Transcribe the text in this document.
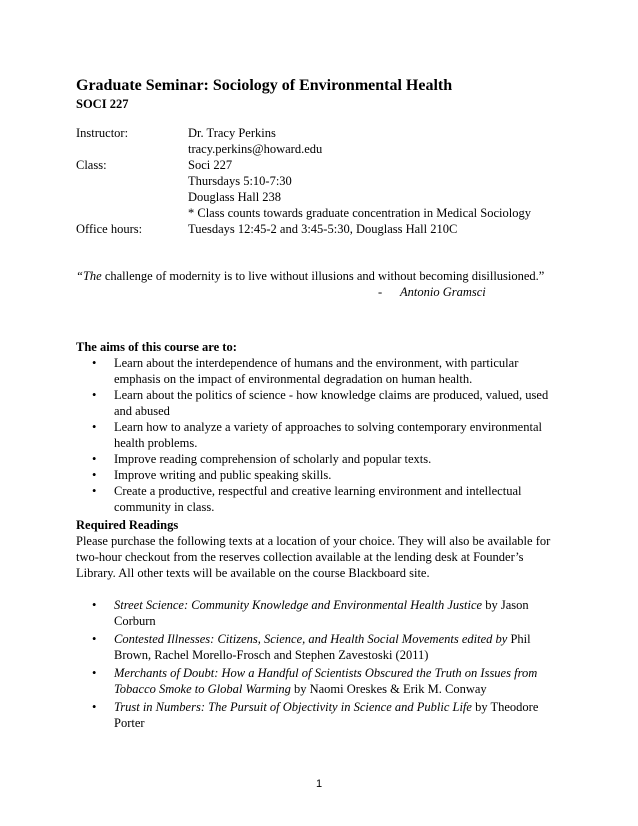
Graduate Seminar: Sociology of Environmental Health
SOCI 227
Instructor:	Dr. Tracy Perkins
tracy.perkins@howard.edu
Class:	Soci 227
Thursdays 5:10-7:30
Douglass Hall 238
* Class counts towards graduate concentration in Medical Sociology
Office hours:	Tuesdays 12:45-2 and 3:45-5:30, Douglass Hall 210C
“The challenge of modernity is to live without illusions and without becoming disillusioned.”
- Antonio Gramsci
The aims of this course are to:
• Learn about the interdependence of humans and the environment, with particular emphasis on the impact of environmental degradation on human health.
• Learn about the politics of science - how knowledge claims are produced, valued, used and abused
• Learn how to analyze a variety of approaches to solving contemporary environmental health problems.
• Improve reading comprehension of scholarly and popular texts.
• Improve writing and public speaking skills.
• Create a productive, respectful and creative learning environment and intellectual community in class.
Required Readings
Please purchase the following texts at a location of your choice. They will also be available for two-hour checkout from the reserves collection available at the lending desk at Founder’s Library. All other texts will be available on the course Blackboard site.
• Street Science: Community Knowledge and Environmental Health Justice by Jason Corburn
• Contested Illnesses: Citizens, Science, and Health Social Movements edited by Phil Brown, Rachel Morello-Frosch and Stephen Zavestoski (2011)
• Merchants of Doubt: How a Handful of Scientists Obscured the Truth on Issues from Tobacco Smoke to Global Warming by Naomi Oreskes & Erik M. Conway
• Trust in Numbers: The Pursuit of Objectivity in Science and Public Life by Theodore Porter
1
